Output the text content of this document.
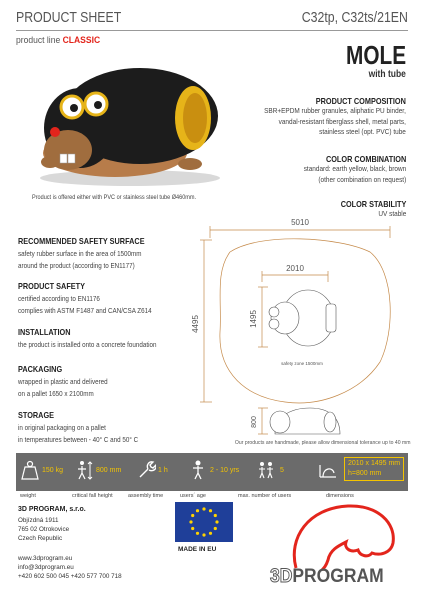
PRODUCT SHEET	C32tp, C32ts/21EN
product line CLASSIC	MOLE
with tube
Product is offered either with PVC or stainless steel tube Ø460mm.
PRODUCT COMPOSITION
SBR+EPDM rubber granules, aliphatic PU binder,
vandal-resistant fiberglass shell, metal parts,
stainless steel (opt. PVC) tube
COLOR COMBINATION
standard: earth yellow, black, brown
(other combination on request)
COLOR STABILITY
UV stable
RECOMMENDED SAFETY SURFACE
safety rubber surface in the area of 1500mm
around the product (according to EN1177)
PRODUCT SAFETY
certified according to EN1176
complies with ASTM F1487 and CAN/CSA Z614
INSTALLATION
the product is installed onto a concrete foundation
PACKAGING
wrapped in plastic and delivered
on a pallet 1650 x 2100mm
STORAGE
in original packaging on a pallet
in temperatures between - 40° C and 50° C
5010
2010
4495	1495
800
safety zone 1500mm
Our products are handmade, please allow dimensional tolerance up to 40 mm
150 kg	800 mm	1 h	2 - 10 yrs	5
2010 x 1495 mm
h=800 mm
weight	critical fall height	assembly time	users´ age	max. number of users	dimensions
3D PROGRAM, s.r.o.
Objízdná 1911
765 02 Otrokovice
Czech Republic
www.3dprogram.eu
info@3dprogram.eu
+420 602 500 045 +420 577 700 718
MADE IN EU
3DPROGRAM
